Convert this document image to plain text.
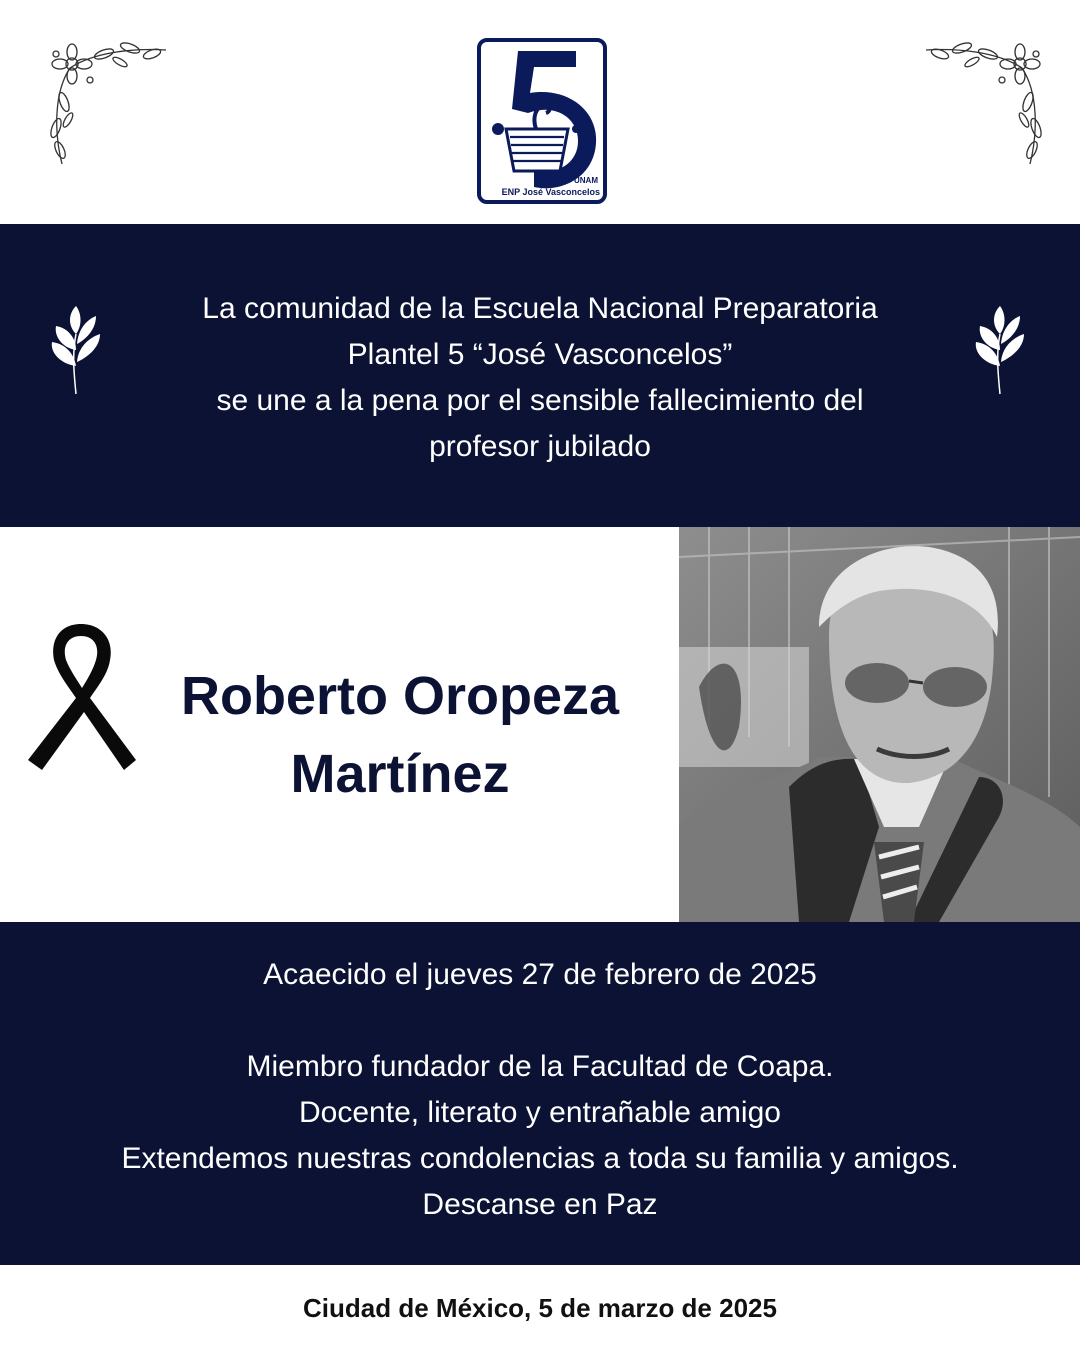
UNAM
ENP José Vasconcelos
La comunidad de la Escuela Nacional Preparatoria
Plantel 5 “José Vasconcelos”
se une a la pena por el sensible fallecimiento del
profesor jubilado
Roberto Oropeza
Martínez
Acaecido el jueves 27 de febrero de 2025
Miembro fundador de la Facultad de Coapa.
Docente, literato y entrañable amigo
Extendemos nuestras condolencias a toda su familia y amigos.
Descanse en Paz
Ciudad de México, 5 de marzo de 2025
